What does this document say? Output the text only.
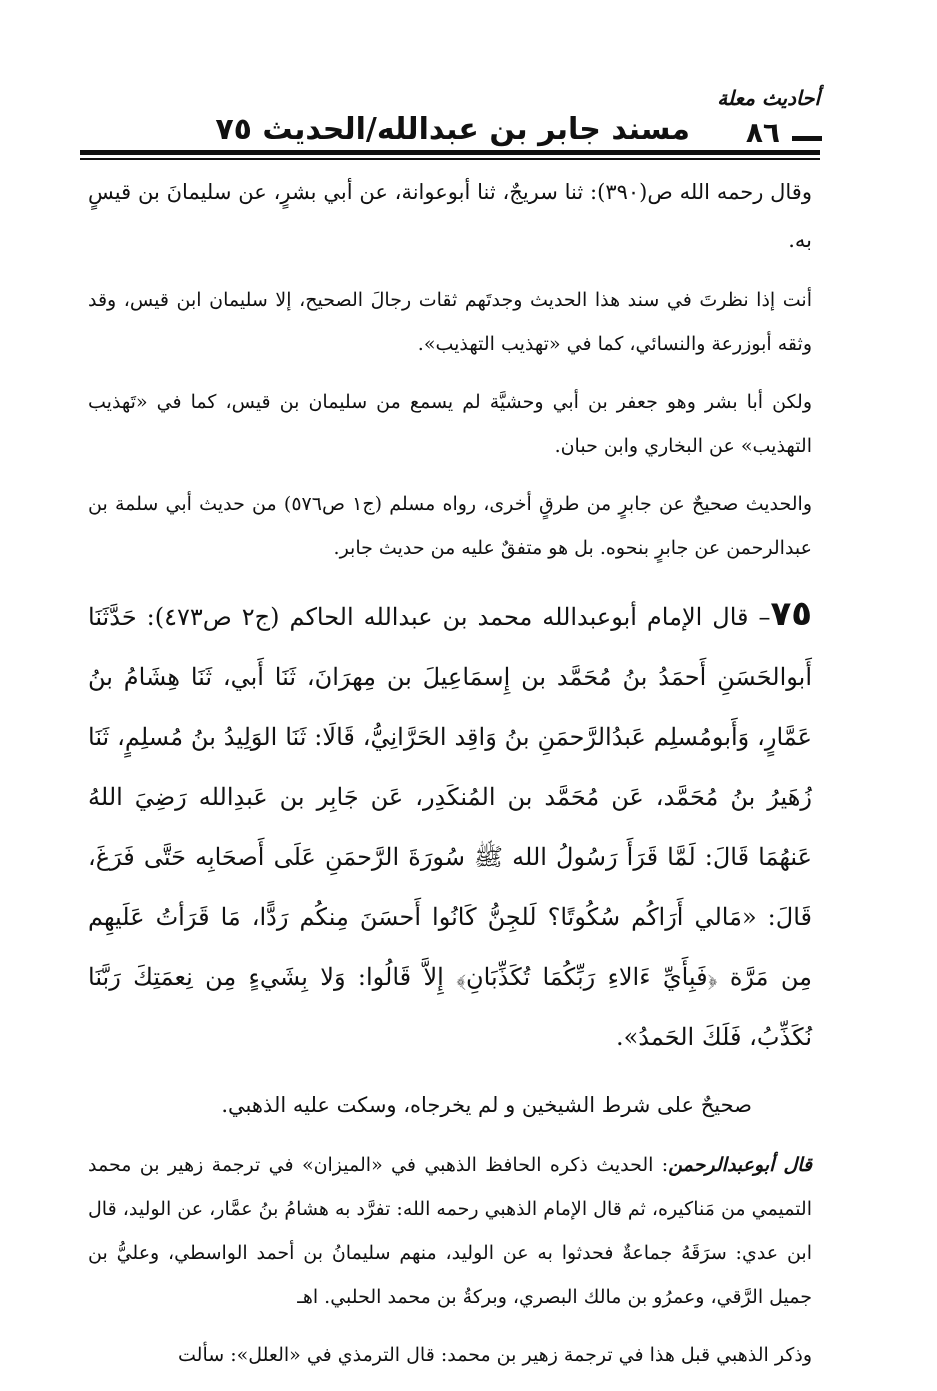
أحاديث معلة
٨٦
مسند جابر بن عبدالله/الحديث ٧٥

وقال رحمه الله ص(٣٩٠): ثنا سريجٌ، ثنا أبوعوانة، عن أبي بشرٍ، عن سليمانَ بن قيسٍ به.

أنت إذا نظرتَ في سند هذا الحديث وجدتَهم ثقات رجالَ الصحيح، إلا سليمان ابن قيس، وقد وثقه أبوزرعة والنسائي، كما في «تهذيب التهذيب».

ولكن أبا بشر وهو جعفر بن أبي وحشيَّة لم يسمع من سليمان بن قيس، كما في «تَهذيب التهذيب» عن البخاري وابن حبان.

والحديث صحيحٌ عن جابرٍ من طرقٍ أخرى، رواه مسلم (ج١ ص٥٧٦) من حديث أبي سلمة بن عبدالرحمن عن جابرٍ بنحوه. بل هو متفقٌ عليه من حديث جابر.

٧٥– قال الإمام أبوعبدالله محمد بن عبدالله الحاكم (ج٢ ص٤٧٣): حَدَّثَنَا أَبوالحَسَنِ أَحمَدُ بنُ مُحَمَّد بن إِسمَاعِيلَ بن مِهرَانَ، ثَنَا أَبي، ثَنَا هِشَامُ بنُ عَمَّارٍ، وَأَبومُسلِم عَبدُالرَّحمَنِ بنُ وَاقِد الحَرَّانِيُّ، قَالَا: ثَنَا الوَلِيدُ بنُ مُسلِمٍ، ثَنَا زُهَيرُ بنُ مُحَمَّد، عَن مُحَمَّد بن المُنكَدِر، عَن جَابِر بن عَبدِالله رَضِيَ اللهُ عَنهُمَا قَالَ: لَمَّا قَرَأَ رَسُولُ الله ﷺ سُورَةَ الرَّحمَنِ عَلَى أَصحَابِه حَتَّى فَرَغَ، قَالَ: «مَالي أَرَاكُم سُكُوتًا؟ لَلجِنُّ كَانُوا أَحسَنَ مِنكُم رَدًّا، مَا قَرَأتُ عَلَيهِم مِن مَرَّة ﴿فَبِأَيِّ ءَالاءِ رَبِّكُمَا تُكَذِّبَانِ﴾ إِلاَّ قَالُوا: وَلا بِشَيءٍ مِن نِعمَتِكَ رَبَّنَا نُكَذِّبُ، فَلَكَ الحَمدُ».

صحيحٌ على شرط الشيخين و لم يخرجاه، وسكت عليه الذهبي.

قال أبوعبدالرحمن: الحديث ذكره الحافظ الذهبي في «الميزان» في ترجمة زهير بن محمد التميمي من مَناكيره، ثم قال الإمام الذهبي رحمه الله: تفرَّد به هشامُ بنُ عمَّار، عن الوليد، قال ابن عدي: سرَقَهُ جماعةٌ فحدثوا به عن الوليد، منهم سليمانُ بن أحمد الواسطي، وعليُّ بن جميل الرَّقي، وعمرُو بن مالك البصري، وبركةُ بن محمد الحلبي. اهـ

وذكر الذهبي قبل هذا في ترجمة زهير بن محمد: قال الترمذي في «العلل»: سألت
